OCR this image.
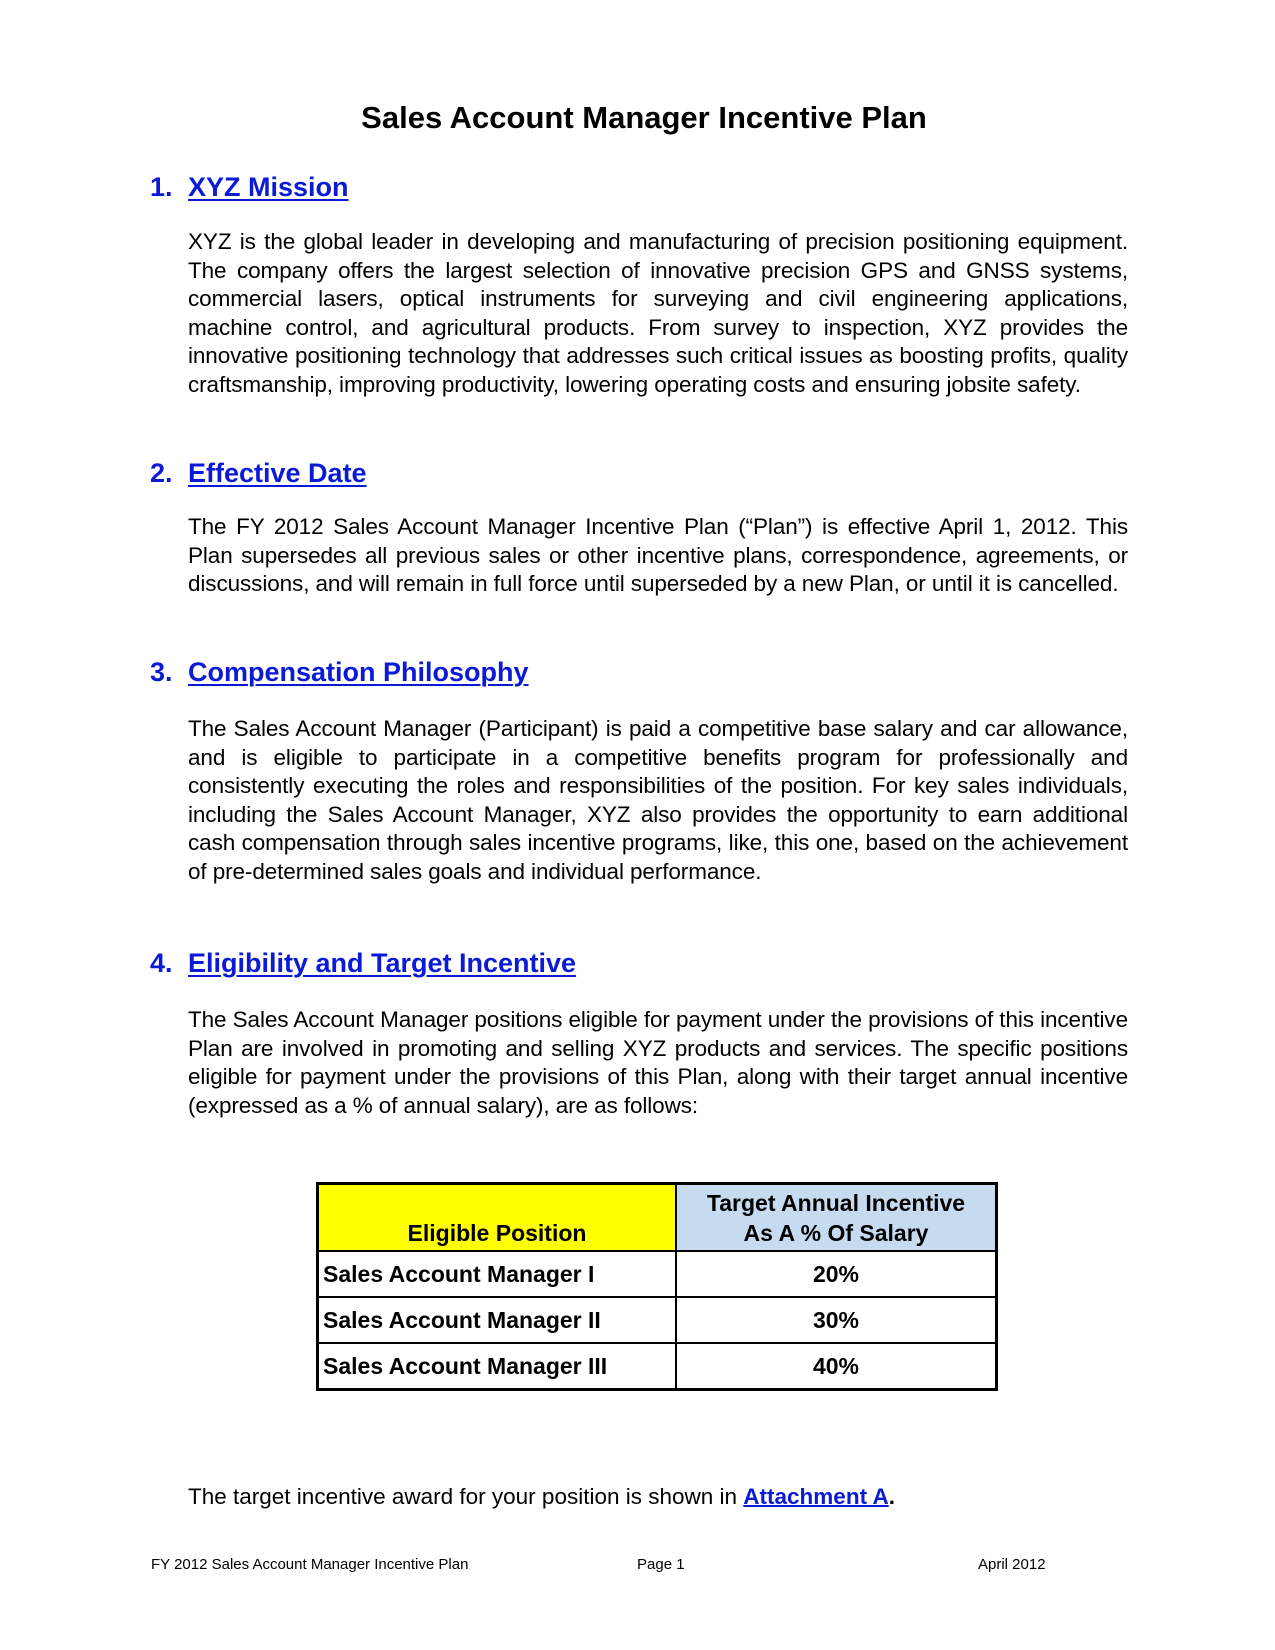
Sales Account Manager Incentive Plan
1. XYZ Mission
XYZ is the global leader in developing and manufacturing of precision positioning equipment. The company offers the largest selection of innovative precision GPS and GNSS systems, commercial lasers, optical instruments for surveying and civil engineering applications, machine control, and agricultural products. From survey to inspection, XYZ provides the innovative positioning technology that addresses such critical issues as boosting profits, quality craftsmanship, improving productivity, lowering operating costs and ensuring jobsite safety.
2. Effective Date
The FY 2012 Sales Account Manager Incentive Plan (“Plan”) is effective April 1, 2012. This Plan supersedes all previous sales or other incentive plans, correspondence, agreements, or discussions, and will remain in full force until superseded by a new Plan, or until it is cancelled.
3. Compensation Philosophy
The Sales Account Manager (Participant) is paid a competitive base salary and car allowance, and is eligible to participate in a competitive benefits program for professionally and consistently executing the roles and responsibilities of the position. For key sales individuals, including the Sales Account Manager, XYZ also provides the opportunity to earn additional cash compensation through sales incentive programs, like, this one, based on the achievement of pre-determined sales goals and individual performance.
4. Eligibility and Target Incentive
The Sales Account Manager positions eligible for payment under the provisions of this incentive Plan are involved in promoting and selling XYZ products and services. The specific positions eligible for payment under the provisions of this Plan, along with their target annual incentive (expressed as a % of annual salary), are as follows:
Eligible Position	Target Annual Incentive
As A % Of Salary

Sales Account Manager I	20%
Sales Account Manager II	30%
Sales Account Manager III	40%
The target incentive award for your position is shown in Attachment A.
FY 2012 Sales Account Manager Incentive Plan	Page 1	April 2012
